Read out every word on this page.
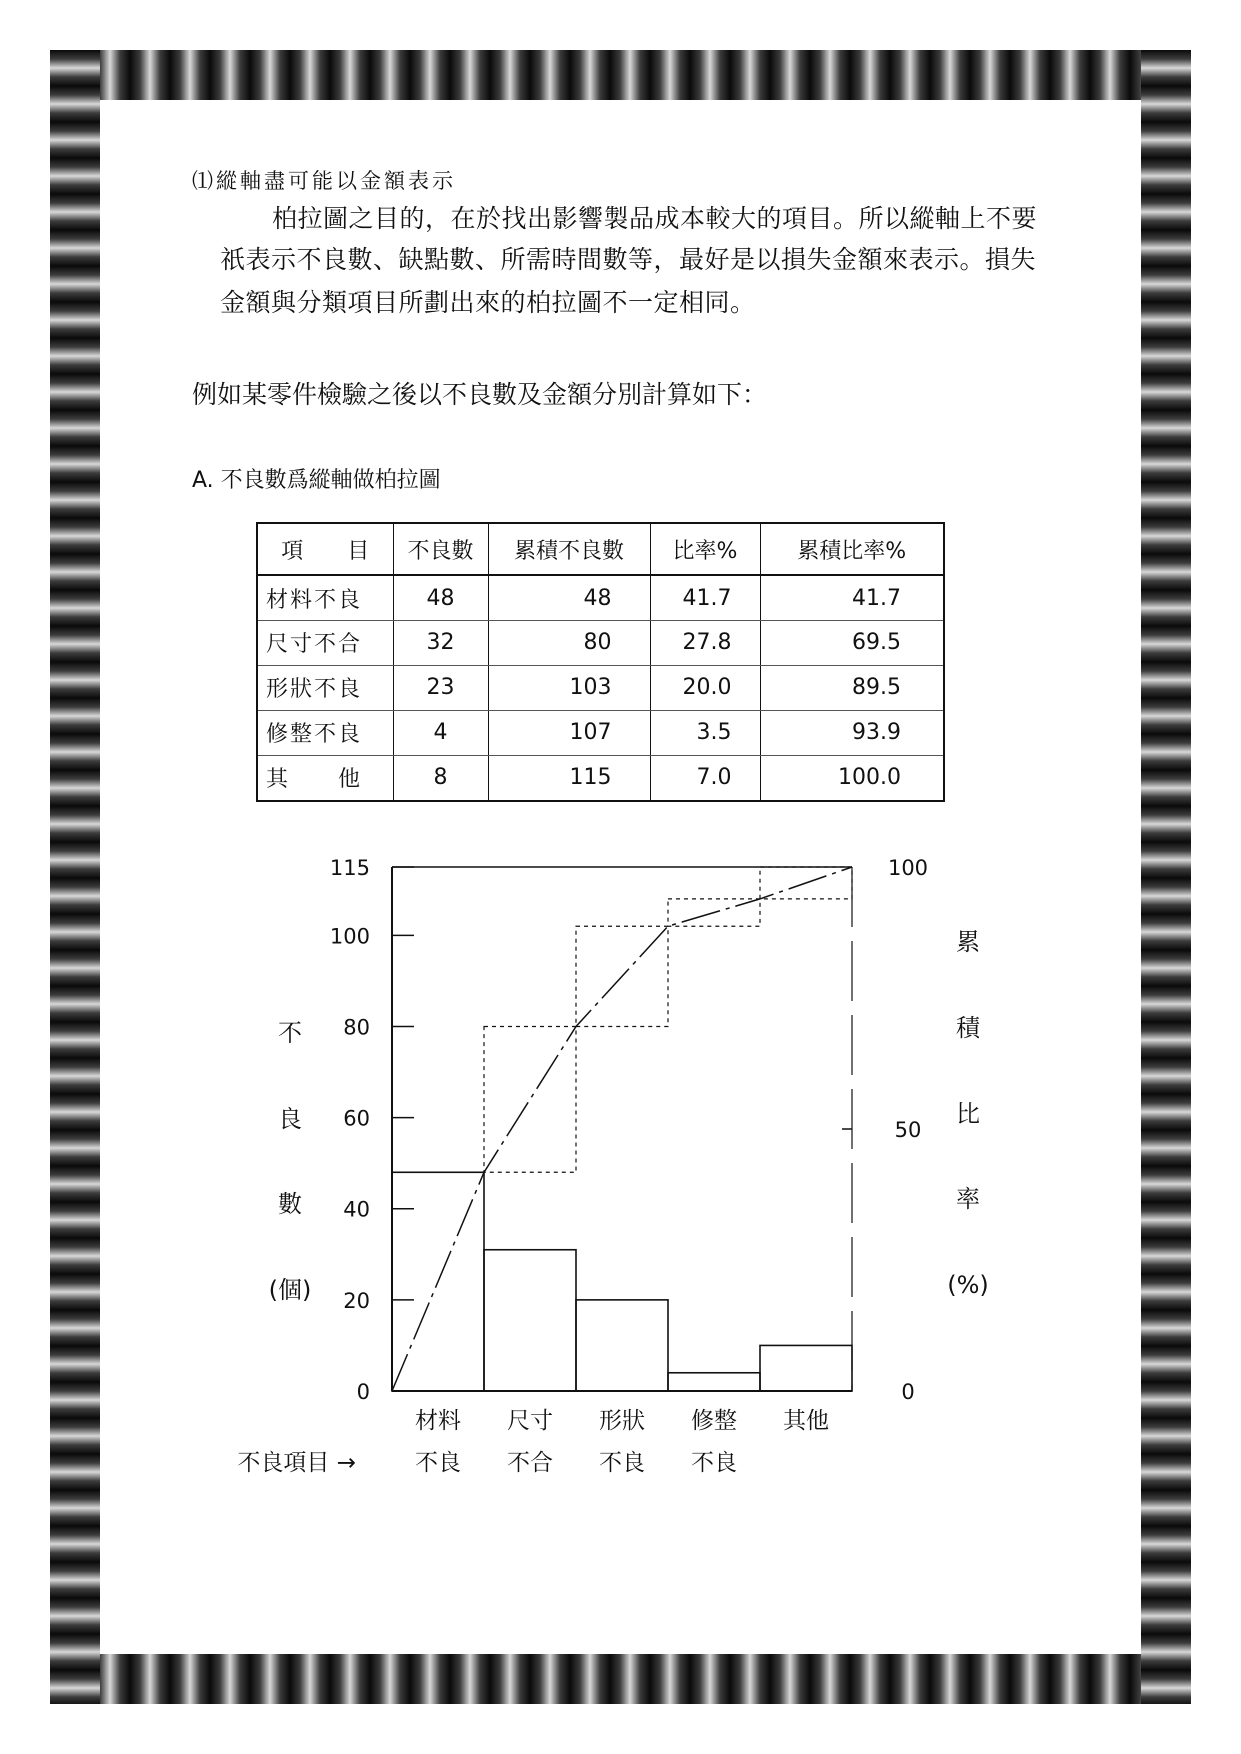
⑴縱軸盡可能以金額表示
柏拉圖之目的，在於找出影響製品成本較大的項目。所以縱軸上不要
祇表示不良數、缺點數、所需時間數等，最好是以損失金額來表示。損失
金額與分類項目所劃出來的柏拉圖不一定相同。
例如某零件檢驗之後以不良數及金額分別計算如下：
A. 不良數爲縱軸做柏拉圖
項　　目	不良數	累積不良數	比率%	累積比率%
材料不良	48	48	41.7	41.7
尺寸不合	32	80	27.8	69.5
形狀不良	23	103	20.0	89.5
修整不良	4	107	3.5	93.9
其　　他	8	115	7.0	100.0
0
20
40
60
80
100
115
0
50
100
不
良
數
(個)
累
積
比
率
(%)
材料
不良
尺寸
不合
形狀
不良
修整
不良
其他
不良項目 →
